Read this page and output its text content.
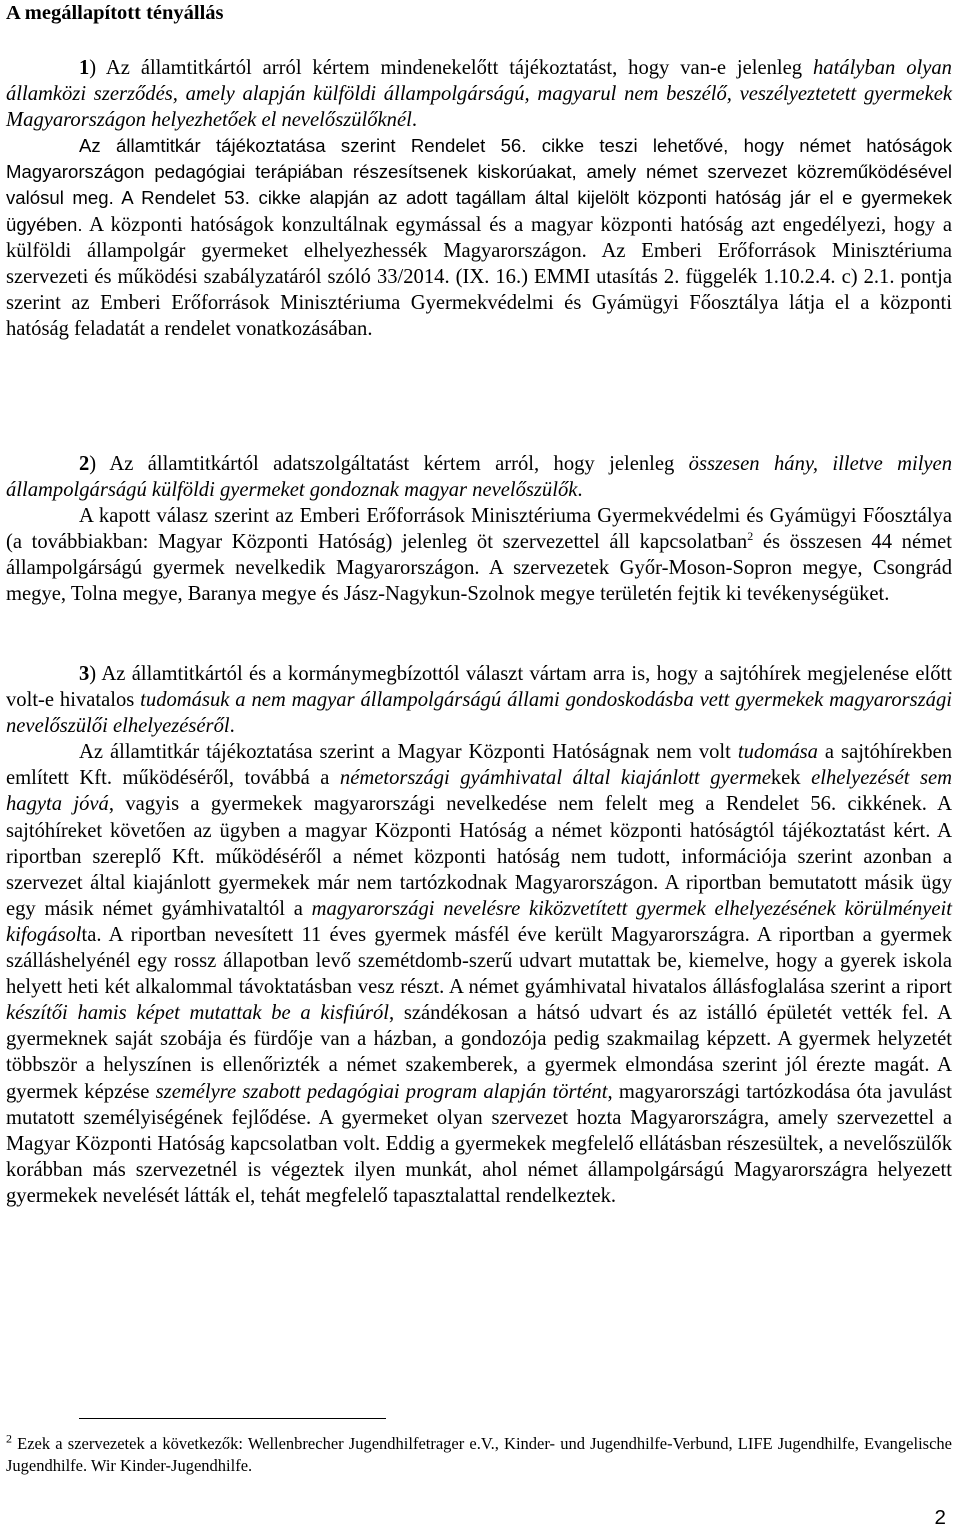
A megállapított tényállás

1) Az államtitkártól arról kértem mindenekelőtt tájékoztatást, hogy van-e jelenleg hatályban olyan államközi szerződés, amely alapján külföldi állampolgárságú, magyarul nem beszélő, veszélyeztetett gyermekek Magyarországon helyezhetőek el nevelőszülőknél.
Az államtitkár tájékoztatása szerint Rendelet 56. cikke teszi lehetővé, hogy német hatóságok Magyarországon pedagógiai terápiában részesítsenek kiskorúakat, amely német szervezet közreműködésével valósul meg. A Rendelet 53. cikke alapján az adott tagállam által kijelölt központi hatóság jár el e gyermekek ügyében. A központi hatóságok konzultálnak egymással és a magyar központi hatóság azt engedélyezi, hogy a külföldi állampolgár gyermeket elhelyezhessék Magyarországon. Az Emberi Erőforrások Minisztériuma szervezeti és működési szabályzatáról szóló 33/2014. (IX. 16.) EMMI utasítás 2. függelék 1.10.2.4. c) 2.1. pontja szerint az Emberi Erőforrások Minisztériuma Gyermekvédelmi és Gyámügyi Főosztálya látja el a központi hatóság feladatát a rendelet vonatkozásában.

2) Az államtitkártól adatszolgáltatást kértem arról, hogy jelenleg összesen hány, illetve milyen állampolgárságú külföldi gyermeket gondoznak magyar nevelőszülők.
A kapott válasz szerint az Emberi Erőforrások Minisztériuma Gyermekvédelmi és Gyámügyi Főosztálya (a továbbiakban: Magyar Központi Hatóság) jelenleg öt szervezettel áll kapcsolatban$^2$ és összesen 44 német állampolgárságú gyermek nevelkedik Magyarországon. A szervezetek Győr-Moson-Sopron megye, Csongrád megye, Tolna megye, Baranya megye és Jász-Nagykun-Szolnok megye területén fejtik ki tevékenységüket.

3) Az államtitkártól és a kormánymegbízottól választ vártam arra is, hogy a sajtóhírek megjelenése előtt volt-e hivatalos tudomásuk a nem magyar állampolgárságú állami gondoskodásba vett gyermekek magyarországi nevelőszülői elhelyezéséről.
Az államtitkár tájékoztatása szerint a Magyar Központi Hatóságnak nem volt tudomása a sajtóhírekben említett Kft. működéséről, továbbá a németországi gyámhivatal által kiajánlott gyermekek elhelyezését sem hagyta jóvá, vagyis a gyermekek magyarországi nevelkedése nem felelt meg a Rendelet 56. cikkének. A sajtóhíreket követően az ügyben a magyar Központi Hatóság a német központi hatóságtól tájékoztatást kért. A riportban szereplő Kft. működéséről a német központi hatóság nem tudott, információja szerint azonban a szervezet által kiajánlott gyermekek már nem tartózkodnak Magyarországon. A riportban bemutatott másik ügy egy másik német gyámhivataltól a magyarországi nevelésre kiközvetített gyermek elhelyezésének körülményeit kifogásolta. A riportban nevesített 11 éves gyermek másfél éve került Magyarországra. A riportban a gyermek szálláshelyénél egy rossz állapotban levő szemétdomb-szerű udvart mutattak be, kiemelve, hogy a gyerek iskola helyett heti két alkalommal távoktatásban vesz részt. A német gyámhivatal hivatalos állásfoglalása szerint a riport készítői hamis képet mutattak be a kisfiúról, szándékosan a hátsó udvart és az istálló épületét vették fel. A gyermeknek saját szobája és fürdője van a házban, a gondozója pedig szakmailag képzett. A gyermek helyzetét többször a helyszínen is ellenőrizték a német szakemberek, a gyermek elmondása szerint jól érezte magát. A gyermek képzése személyre szabott pedagógiai program alapján történt, magyarországi tartózkodása óta javulást mutatott személyiségének fejlődése. A gyermeket olyan szervezet hozta Magyarországra, amely szervezettel a Magyar Központi Hatóság kapcsolatban volt. Eddig a gyermekek megfelelő ellátásban részesültek, a nevelőszülők korábban más szervezetnél is végeztek ilyen munkát, ahol német állampolgárságú Magyarországra helyezett gyermekek nevelését látták el, tehát megfelelő tapasztalattal rendelkeztek.

$^2$ Ezek a szervezetek a következők: Wellenbrecher Jugendhilfetrager e.V., Kinder- und Jugendhilfe-Verbund, LIFE Jugendhilfe, Evangelische Jugendhilfe. Wir Kinder-Jugendhilfe.

2
